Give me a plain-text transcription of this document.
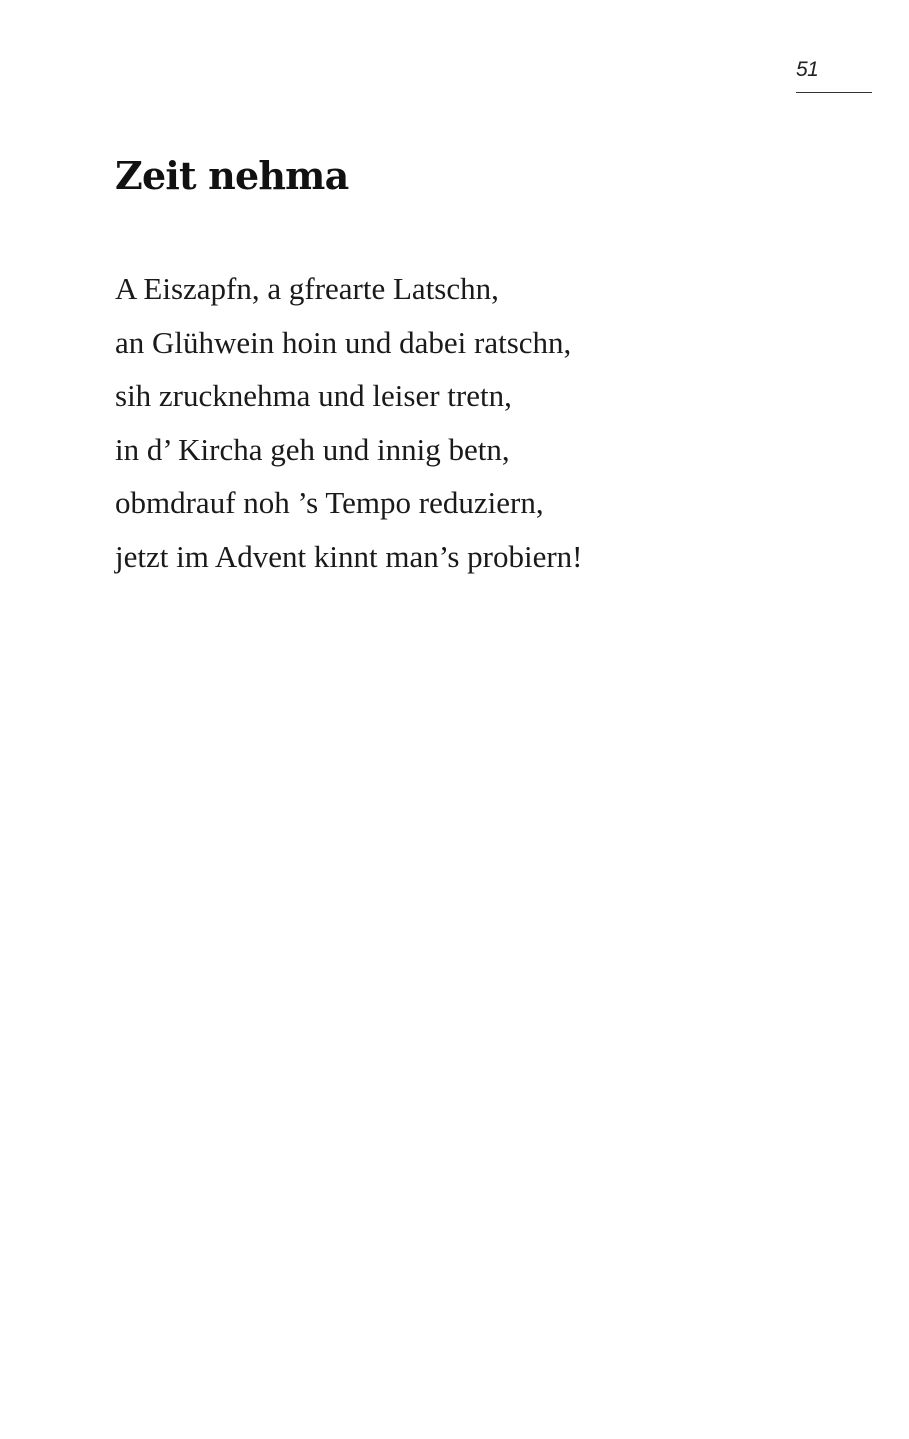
51
Zeit nehma
A Eiszapfn, a gfrearte Latschn,
an Glühwein hoin und dabei ratschn,
sih zrucknehma und leiser tretn,
in d’ Kircha geh und innig betn,
obmdrauf noh ’s Tempo reduziern,
jetzt im Advent kinnt man’s probiern!
